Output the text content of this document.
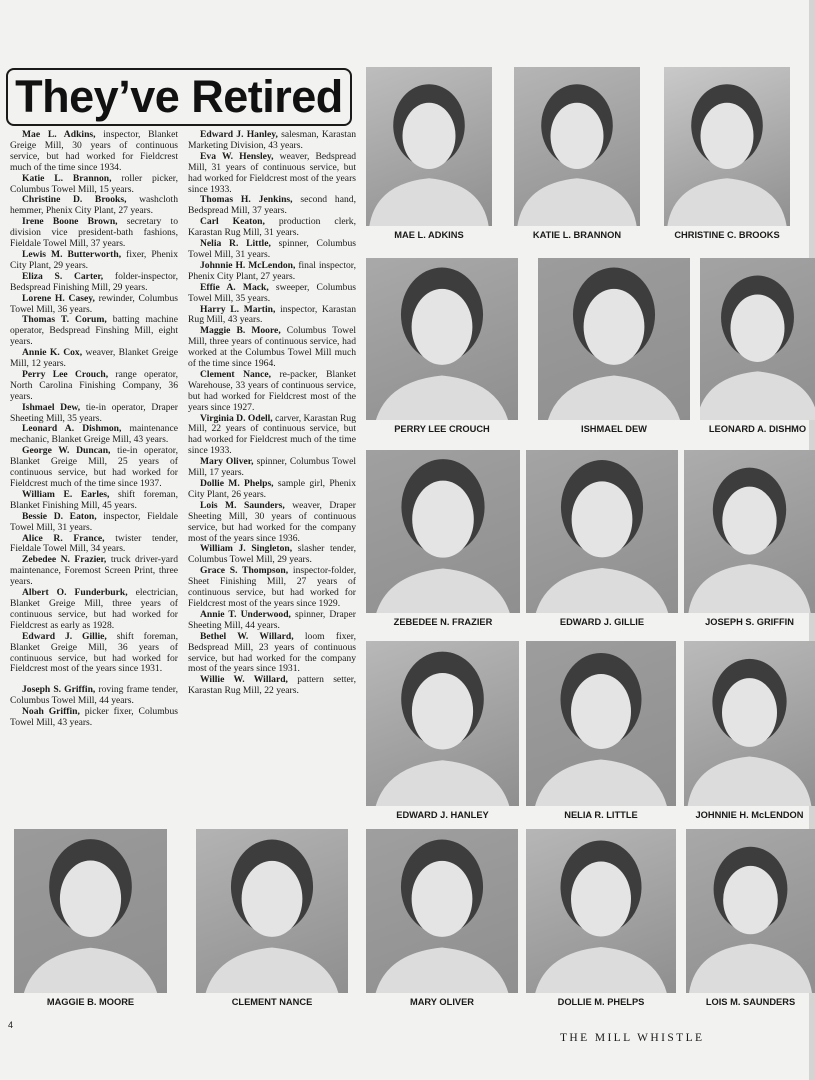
They’ve Retired

Mae L. Adkins, inspector, Blanket Greige Mill, 30 years of continuous service, but had worked for Fieldcrest much of the time since 1934.

Katie L. Brannon, roller picker, Columbus Towel Mill, 15 years.

Christine D. Brooks, washcloth hemmer, Phenix City Plant, 27 years.

Irene Boone Brown, secretary to division vice president-bath fashions, Fieldale Towel Mill, 37 years.

Lewis M. Butterworth, fixer, Phenix City Plant, 29 years.

Eliza S. Carter, folder-inspector, Bedspread Finishing Mill, 29 years.

Lorene H. Casey, rewinder, Columbus Towel Mill, 36 years.

Thomas T. Corum, batting machine operator, Bedspread Finshing Mill, eight years.

Annie K. Cox, weaver, Blanket Greige Mill, 12 years.

Perry Lee Crouch, range operator, North Carolina Finishing Company, 36 years.

Ishmael Dew, tie-in operator, Draper Sheeting Mill, 35 years.

Leonard A. Dishmon, maintenance mechanic, Blanket Greige Mill, 43 years.

George W. Duncan, tie-in operator, Blanket Greige Mill, 25 years of continuous service, but had worked for Fieldcrest much of the time since 1937.

William E. Earles, shift foreman, Blanket Finishing Mill, 45 years.

Bessie D. Eaton, inspector, Fieldale Towel Mill, 31 years.

Alice R. France, twister tender, Fieldale Towel Mill, 34 years.

Zebedee N. Frazier, truck driver-yard maintenance, Foremost Screen Print, three years.

Albert O. Funderburk, electrician, Blanket Greige Mill, three years of continuous service, but had worked for Fieldcrest as early as 1928.

Edward J. Gillie, shift foreman, Blanket Greige Mill, 36 years of continuous service, but had worked for Fieldcrest most of the years since 1931.

Joseph S. Griffin, roving frame tender, Columbus Towel Mill, 44 years.

Noah Griffin, picker fixer, Columbus Towel Mill, 43 years.

Edward J. Hanley, salesman, Karastan Marketing Division, 43 years.

Eva W. Hensley, weaver, Bedspread Mill, 31 years of continuous service, but had worked for Fieldcrest most of the years since 1933.

Thomas H. Jenkins, second hand, Bedspread Mill, 37 years.

Carl Keaton, production clerk, Karastan Rug Mill, 31 years.

Nelia R. Little, spinner, Columbus Towel Mill, 31 years.

Johnnie H. McLendon, final inspector, Phenix City Plant, 27 years.

Effie A. Mack, sweeper, Columbus Towel Mill, 35 years.

Harry L. Martin, inspector, Karastan Rug Mill, 43 years.

Maggie B. Moore, Columbus Towel Mill, three years of continuous service, had worked at the Columbus Towel Mill much of the time since 1964.

Clement Nance, re-packer, Blanket Warehouse, 33 years of continuous service, but had worked for Fieldcrest most of the years since 1927.

Virginia D. Odell, carver, Karastan Rug Mill, 22 years of continuous service, but had worked for Fieldcrest much of the time since 1933.

Mary Oliver, spinner, Columbus Towel Mill, 17 years.

Dollie M. Phelps, sample girl, Phenix City Plant, 26 years.

Lois M. Saunders, weaver, Draper Sheeting Mill, 30 years of continuous service, but had worked for the company most of the years since 1936.

William J. Singleton, slasher tender, Columbus Towel Mill, 29 years.

Grace S. Thompson, inspector-folder, Sheet Finishing Mill, 27 years of continuous service, but had worked for Fieldcrest most of the years since 1929.

Annie T. Underwood, spinner, Draper Sheeting Mill, 44 years.

Bethel W. Willard, loom fixer, Bedspread Mill, 23 years of continuous service, but had worked for the company most of the years since 1931.

Willie W. Willard, pattern setter, Karastan Rug Mill, 22 years.

MAE L. ADKINS	KATIE L. BRANNON	CHRISTINE C. BROOKS
PERRY LEE CROUCH	ISHMAEL DEW	LEONARD A. DISHMO
ZEBEDEE N. FRAZIER	EDWARD J. GILLIE	JOSEPH S. GRIFFIN
EDWARD J. HANLEY	NELIA R. LITTLE	JOHNNIE H. McLENDON
MAGGIE B. MOORE	CLEMENT NANCE	MARY OLIVER	DOLLIE M. PHELPS	LOIS M. SAUNDERS
4
THE MILL WHISTLE
